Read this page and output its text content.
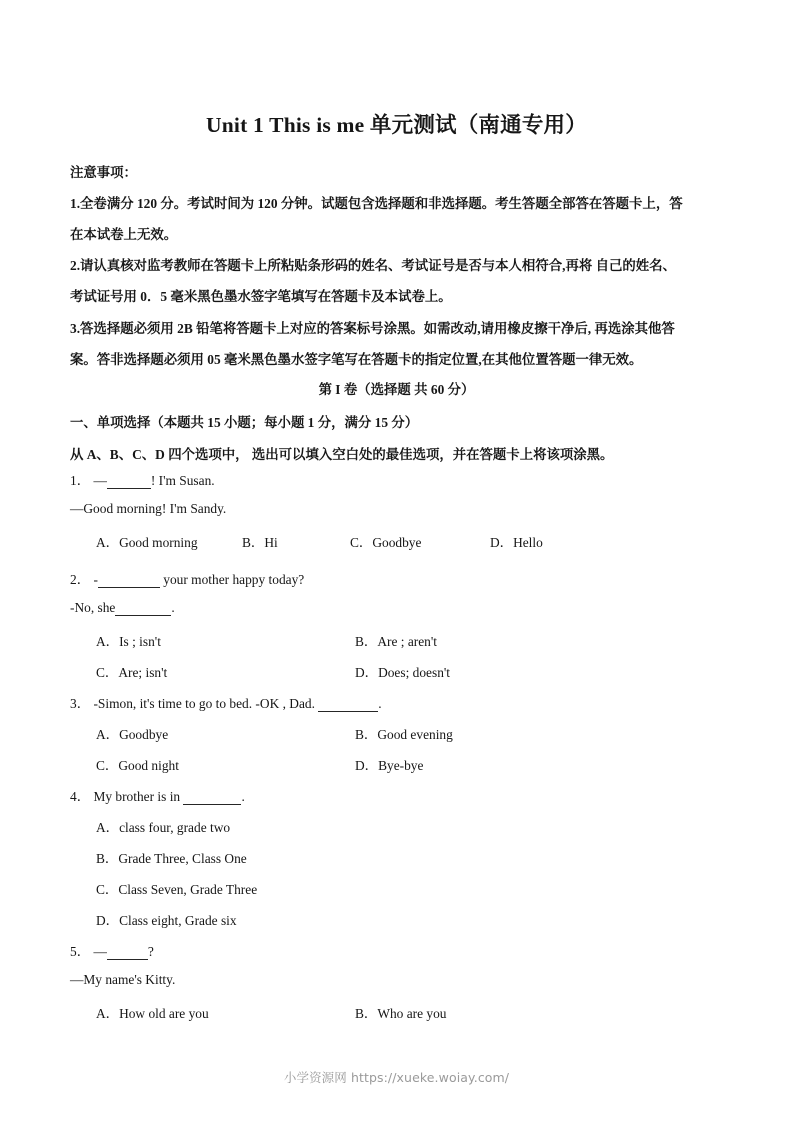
Unit 1 This is me 单元测试（南通专用）
注意事项：
1.全卷满分 120 分。考试时间为 120 分钟。试题包含选择题和非选择题。考生答题全部答在答题卡上，答
在本试卷上无效。
2.请认真核对监考教师在答题卡上所粘贴条形码的姓名、考试证号是否与本人相符合,再将 自己的姓名、
考试证号用 0．5 毫米黑色墨水签字笔填写在答题卡及本试卷上。
3.答选择题必须用 2B 铅笔将答题卡上对应的答案标号涂黑。如需改动,请用橡皮擦干净后, 再选涂其他答
案。答非选择题必须用 05 毫米黑色墨水签字笔写在答题卡的指定位置,在其他位置答题一律无效。
第 I 卷（选择题 共 60 分）
一、单项选择（本题共 15 小题；每小题 1 分，满分 15 分）
从 A、B、C、D 四个选项中， 选出可以填入空白处的最佳选项，并在答题卡上将该项涂黑。
1． —	! I'm Susan.
—Good morning! I'm Sandy.
A．Good morning	B．Hi	C．Goodbye	D．Hello
2． -	your mother happy today?
-No, she	.
A．Is ; isn't	B．Are ; aren't
C．Are; isn't	D．Does; doesn't
3． -Simon, it's time to go to bed. -OK , Dad.	.
A．Goodbye	B．Good evening
C．Good night	D．Bye-bye
4． My brother is in	.
A．class four, grade two
B．Grade Three, Class One
C．Class Seven, Grade Three
D．Class eight, Grade six
5． —	?
—My name's Kitty.
A．How old are you	B．Who are you
小学资源网 https://xueke.woiay.com/
